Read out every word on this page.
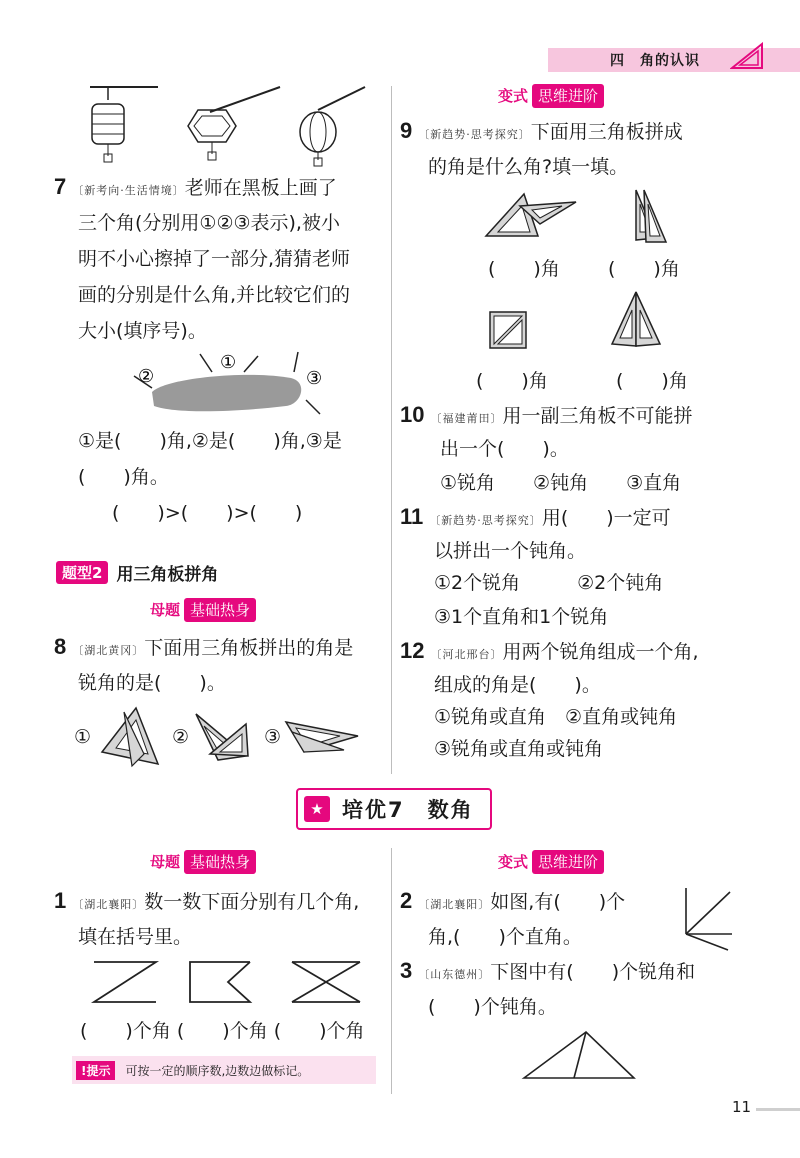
四　角的认识
7 〔新考向·生活情境〕老师在黑板上画了
三个角(分别用①②③表示),被小
明不小心擦掉了一部分,猜猜老师
画的分别是什么角,并比较它们的
大小(填序号)。
②
①
③
①是(　　)角,②是(　　)角,③是
(　　)角。
(　　)>(　　)>(　　)
题型2 用三角板拼角
母题 基础热身
8 〔湖北黄冈〕下面用三角板拼出的角是
锐角的是(　　)。
①	②	③
变式 思维进阶
9 〔新趋势·思考探究〕下面用三角板拼成
的角是什么角?填一填。
(　　)角	(　　)角
(　　)角	(　　)角
10 〔福建莆田〕用一副三角板不可能拼
出一个(　　)。
①锐角　　②钝角　　③直角
11 〔新趋势·思考探究〕用(　　)一定可
以拼出一个钝角。
①2个锐角　　　②2个钝角
③1个直角和1个锐角
12 〔河北邢台〕用两个锐角组成一个角,
组成的角是(　　)。
①锐角或直角　②直角或钝角
③锐角或直角或钝角
★ 培优7　数角
母题 基础热身
1 〔湖北襄阳〕数一数下面分别有几个角,
填在括号里。
(　　)个角 (　　)个角 (　　)个角
!提示	可按一定的顺序数,边数边做标记。
变式 思维进阶
2 〔湖北襄阳〕如图,有(　　)个
角,(　　)个直角。
3 〔山东德州〕下图中有(　　)个锐角和
(　　)个钝角。
11
